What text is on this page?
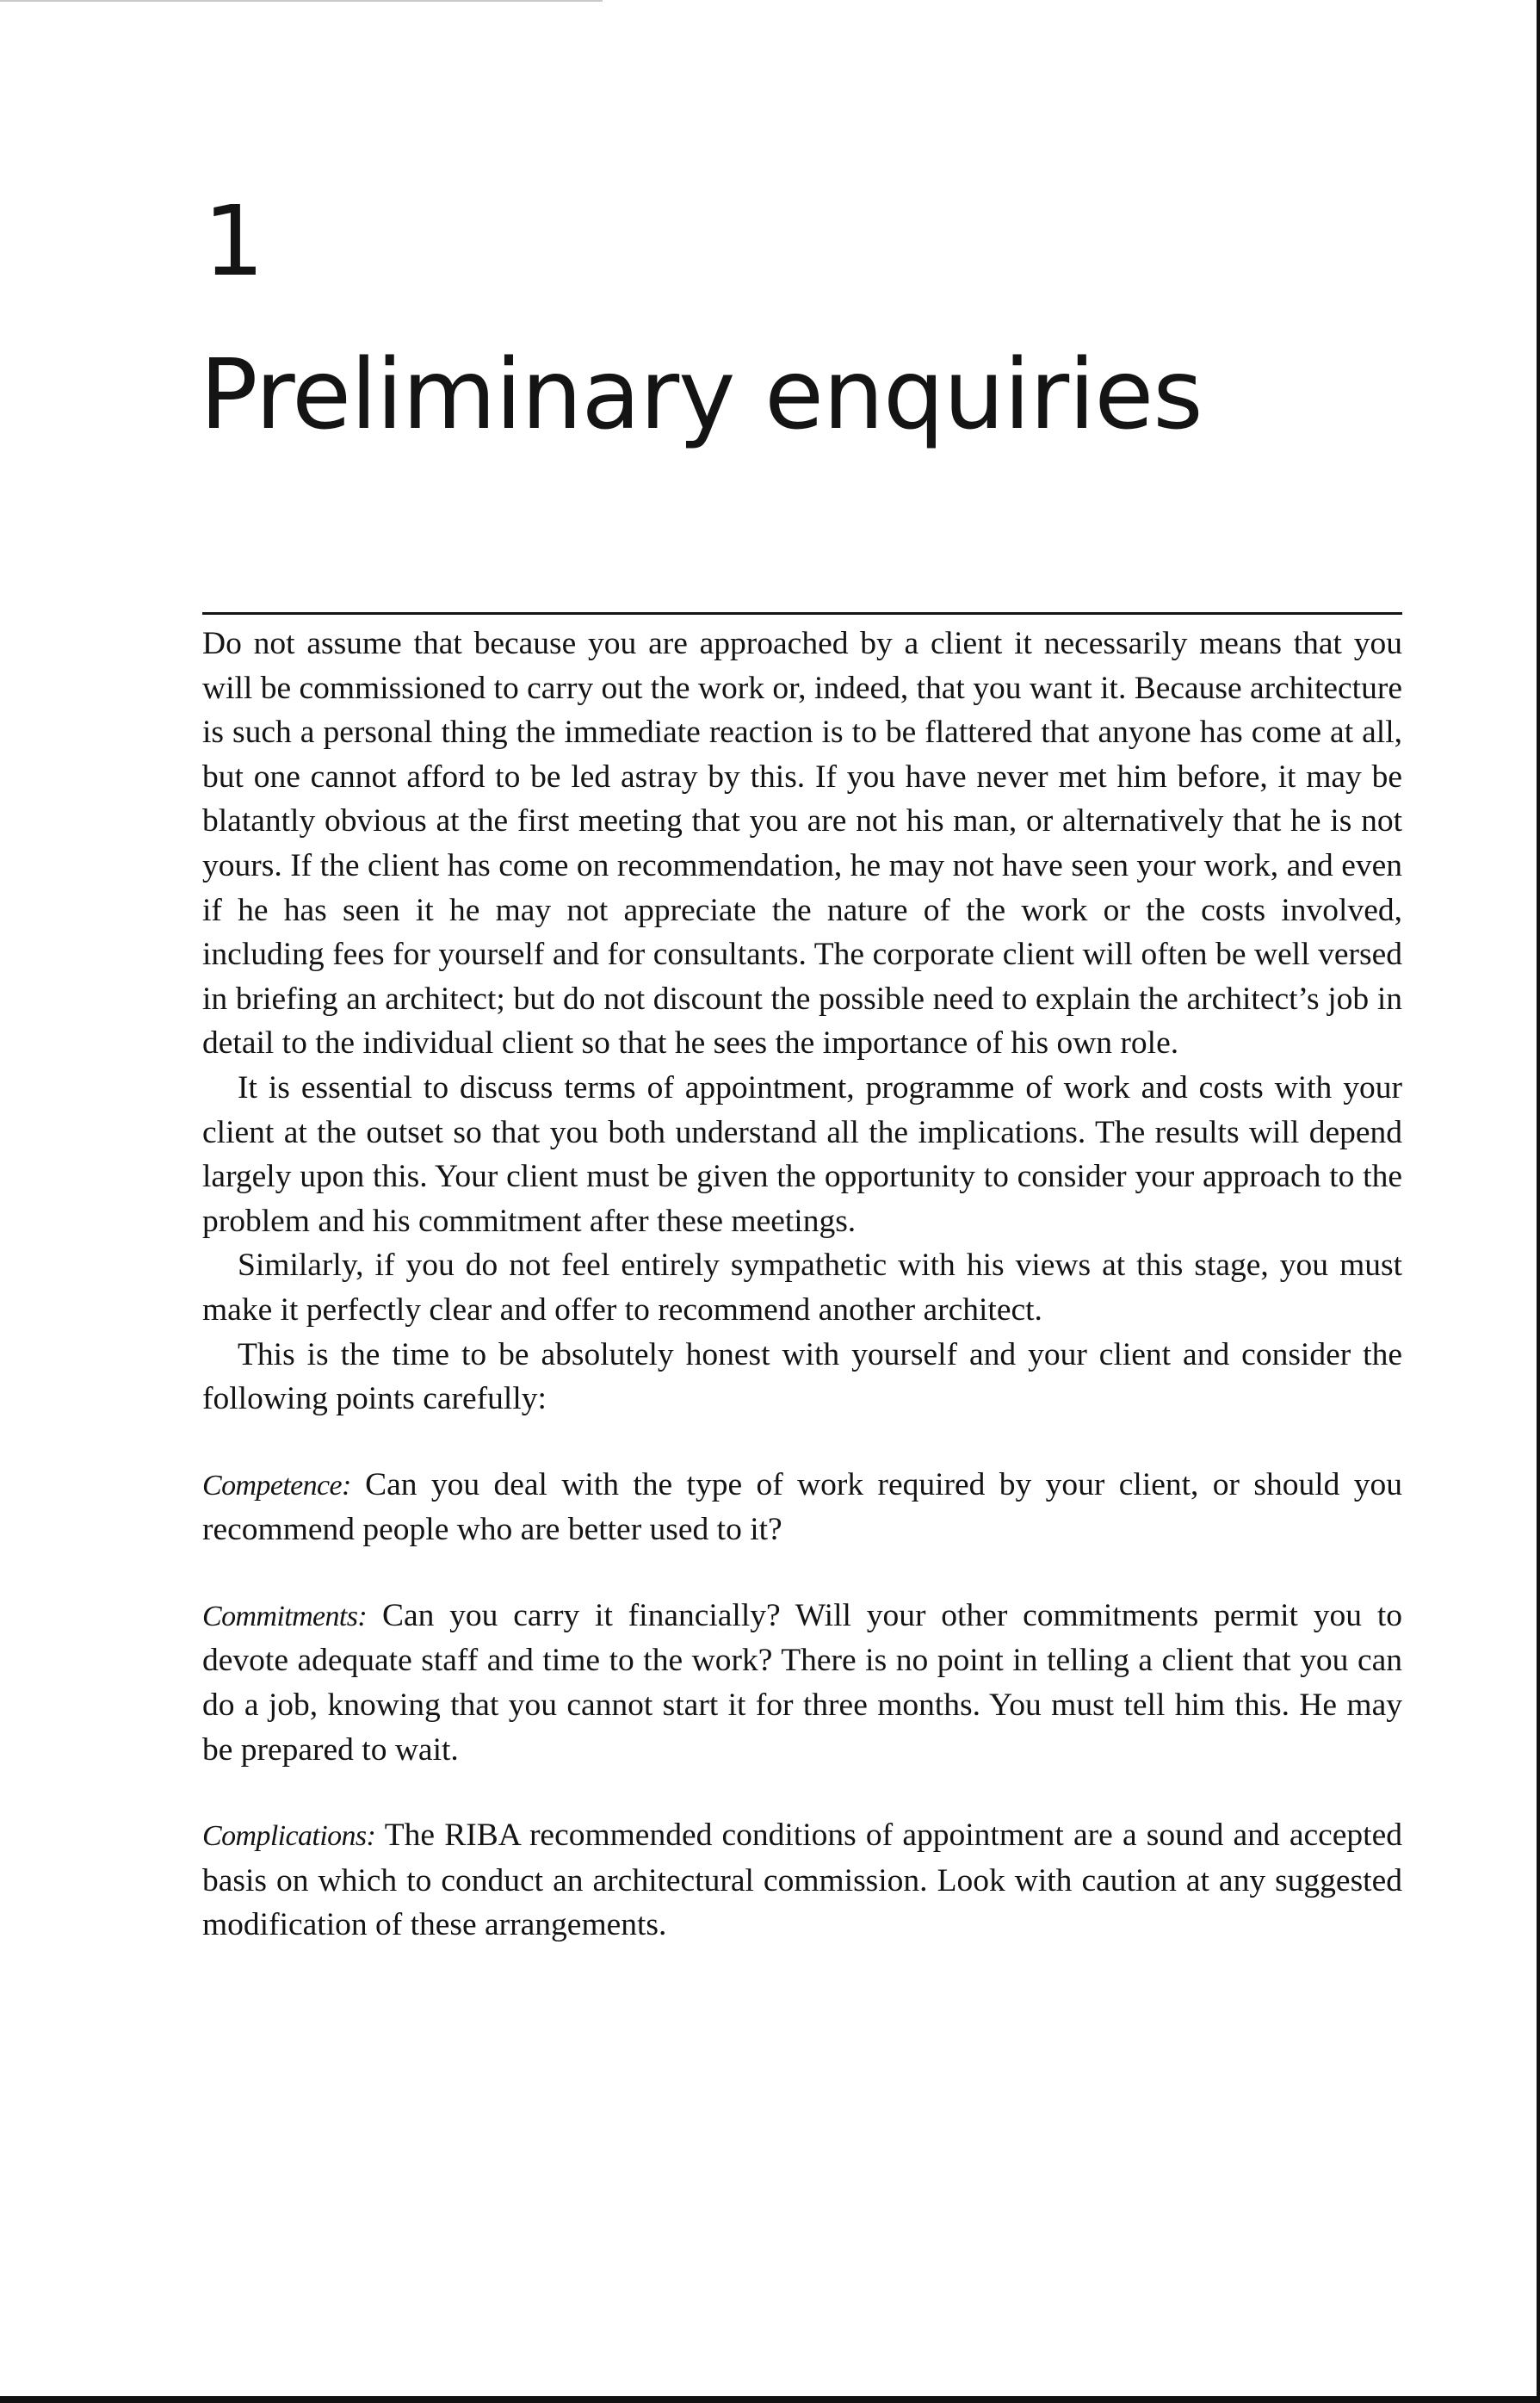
1
Preliminary enquiries

Do not assume that because you are approached by a client it necessarily means that you will be commissioned to carry out the work or, indeed, that you want it. Because architecture is such a personal thing the immediate reaction is to be flattered that anyone has come at all, but one cannot afford to be led astray by this. If you have never met him before, it may be blatantly obvious at the first meeting that you are not his man, or alternatively that he is not yours. If the client has come on recommendation, he may not have seen your work, and even if he has seen it he may not appreciate the nature of the work or the costs involved, including fees for yourself and for consultants. The corporate client will often be well versed in briefing an architect; but do not discount the possible need to explain the architect’s job in detail to the individual client so that he sees the importance of his own role.

It is essential to discuss terms of appointment, programme of work and costs with your client at the outset so that you both understand all the implications. The results will depend largely upon this. Your client must be given the opportunity to consider your approach to the problem and his commitment after these meetings.

Similarly, if you do not feel entirely sympathetic with his views at this stage, you must make it perfectly clear and offer to recommend another architect.

This is the time to be absolutely honest with yourself and your client and consider the following points carefully:

Competence: Can you deal with the type of work required by your client, or should you recommend people who are better used to it?

Commitments: Can you carry it financially? Will your other commitments permit you to devote adequate staff and time to the work? There is no point in telling a client that you can do a job, knowing that you cannot start it for three months. You must tell him this. He may be prepared to wait.

Complications: The RIBA recommended conditions of appointment are a sound and accepted basis on which to conduct an architectural commission. Look with caution at any suggested modification of these arrangements.
